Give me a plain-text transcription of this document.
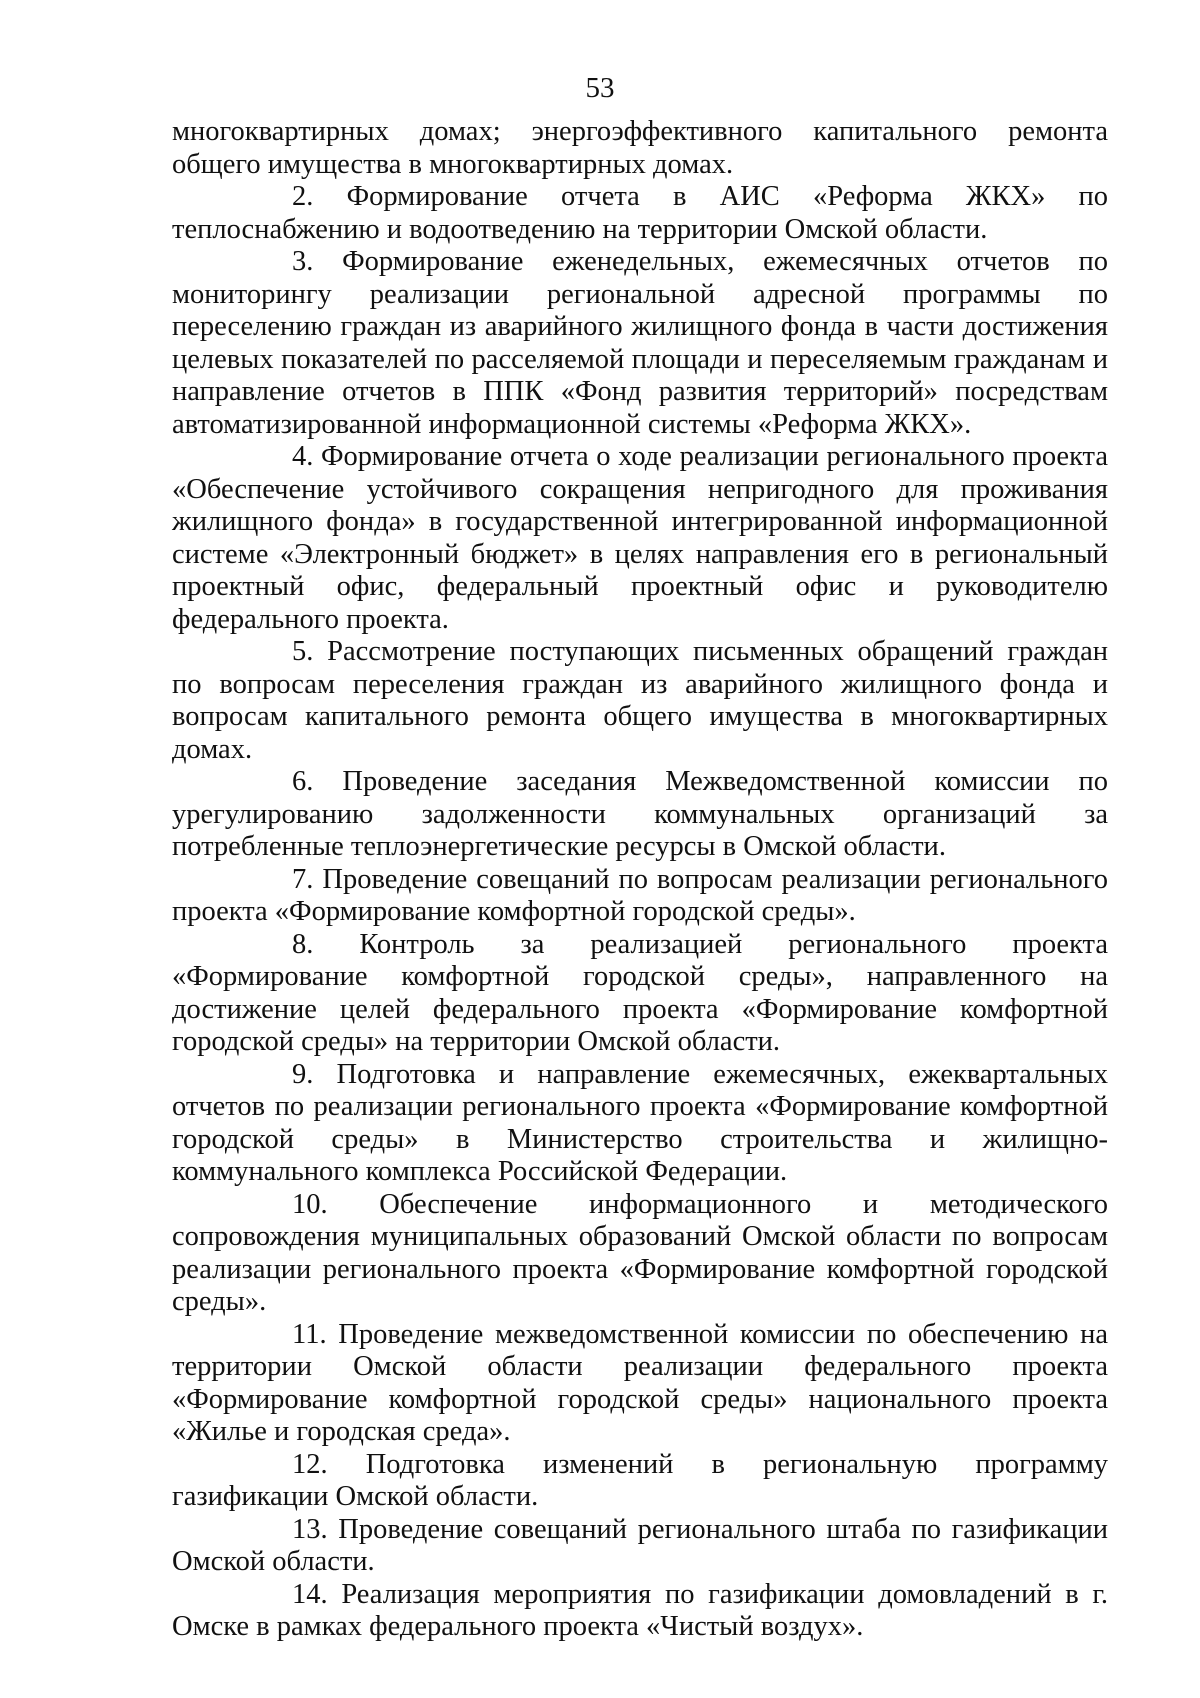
53

многоквартирных домах; энергоэффективного капитального ремонта общего имущества в многоквартирных домах.

2. Формирование отчета в АИС «Реформа ЖКХ» по теплоснабжению и водоотведению на территории Омской области.

3. Формирование еженедельных, ежемесячных отчетов по мониторингу реализации региональной адресной программы по переселению граждан из аварийного жилищного фонда в части достижения целевых показателей по расселяемой площади и переселяемым гражданам и направление отчетов в ППК «Фонд развития территорий» посредствам автоматизированной информационной системы «Реформа ЖКХ».

4. Формирование отчета о ходе реализации регионального проекта «Обеспечение устойчивого сокращения непригодного для проживания жилищного фонда» в государственной интегрированной информационной системе «Электронный бюджет» в целях направления его в региональный проектный офис, федеральный проектный офис и руководителю федерального проекта.

5. Рассмотрение поступающих письменных обращений граждан по вопросам переселения граждан из аварийного жилищного фонда и вопросам капитального ремонта общего имущества в многоквартирных домах.

6. Проведение заседания Межведомственной комиссии по урегулированию задолженности коммунальных организаций за потребленные теплоэнергетические ресурсы в Омской области.

7. Проведение совещаний по вопросам реализации регионального проекта «Формирование комфортной городской среды».

8. Контроль за реализацией регионального проекта «Формирование комфортной городской среды», направленного на достижение целей федерального проекта «Формирование комфортной городской среды» на территории Омской области.

9. Подготовка и направление ежемесячных, ежеквартальных отчетов по реализации регионального проекта «Формирование комфортной городской среды» в Министерство строительства и жилищно-коммунального комплекса Российской Федерации.

10. Обеспечение информационного и методического сопровождения муниципальных образований Омской области по вопросам реализации регионального проекта «Формирование комфортной городской среды».

11. Проведение межведомственной комиссии по обеспечению на территории Омской области реализации федерального проекта «Формирование комфортной городской среды» национального проекта «Жилье и городская среда».

12. Подготовка изменений в региональную программу газификации Омской области.

13. Проведение совещаний регионального штаба по газификации Омской области.

14. Реализация мероприятия по газификации домовладений в г. Омске в рамках федерального проекта «Чистый воздух».
